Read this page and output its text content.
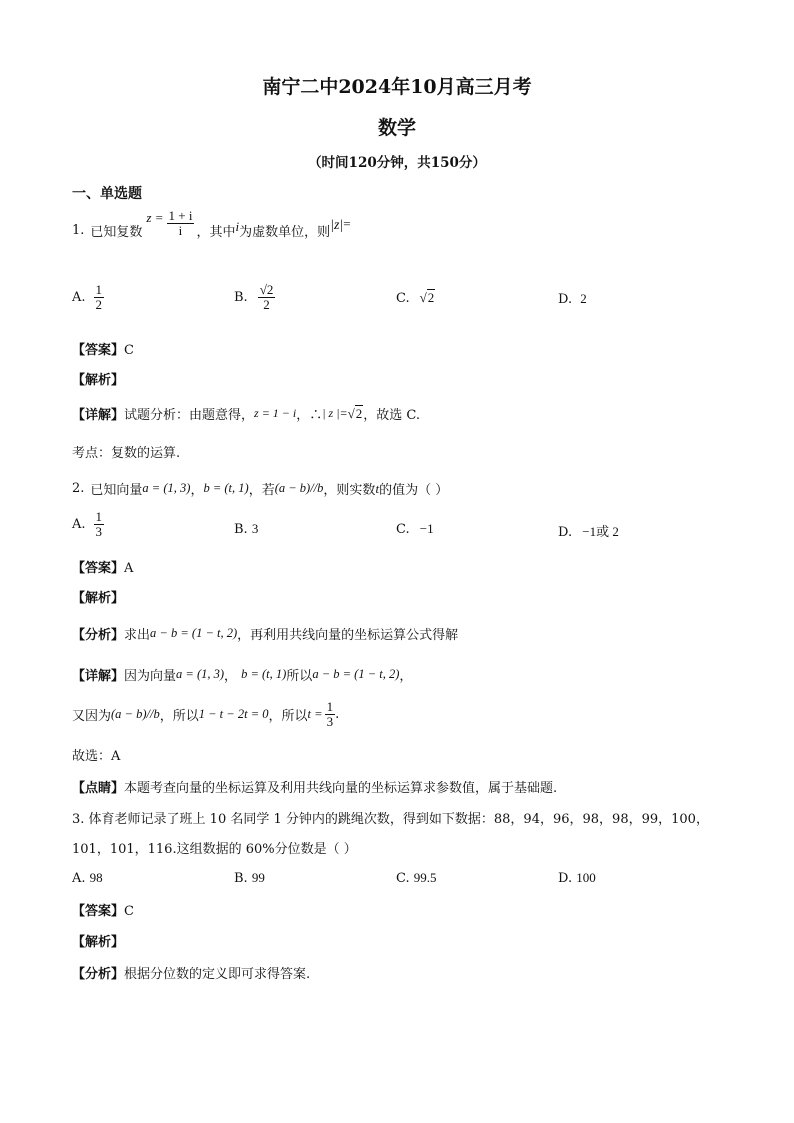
南宁二中2024年10月高三月考
数学
（时间120分钟，共150分）
一、单选题
1. 已知复数
$z = \frac{1 + i}{i}$ ，其中 i 为虚数单位，则 |z| =
A. $\frac{1}{2}$	B. $\frac{√2}{2}$	C. √2	D. 2
【答案】C
【解析】
【详解】 试题分析：由题意得， z = 1 − i ，∴ | z |= √2 ，故选 C.
考点：复数的运算.
2. 已知向量 a = (1, 3) ， b = (t, 1) ，若 (a − b)//b ，则实数 t 的值为（ ）
A. $\frac{1}{3}$	B. 3	C. −1	D. −1或 2
【答案】A
【解析】
【分析】 求出 a − b = (1 − t, 2) ，再利用共线向量的坐标运算公式得解
【详解】 因为向量 a = (1, 3) ， b = (t, 1) 所以 a − b = (1 − t, 2) ，
又因为 (a − b)//b ，所以 1 − t − 2t = 0 ，所以 $t = \frac{1}{3}$ .
故选：A
【点睛】本题考查向量的坐标运算及利用共线向量的坐标运算求参数值，属于基础题.
3. 体育老师记录了班上 10 名同学 1 分钟内的跳绳次数，得到如下数据：88，94，96，98，98，99，100，
101，101，116.这组数据的 60%分位数是（ ）
A. 98	B. 99	C. 99.5	D. 100
【答案】C
【解析】
【分析】根据分位数的定义即可求得答案.
